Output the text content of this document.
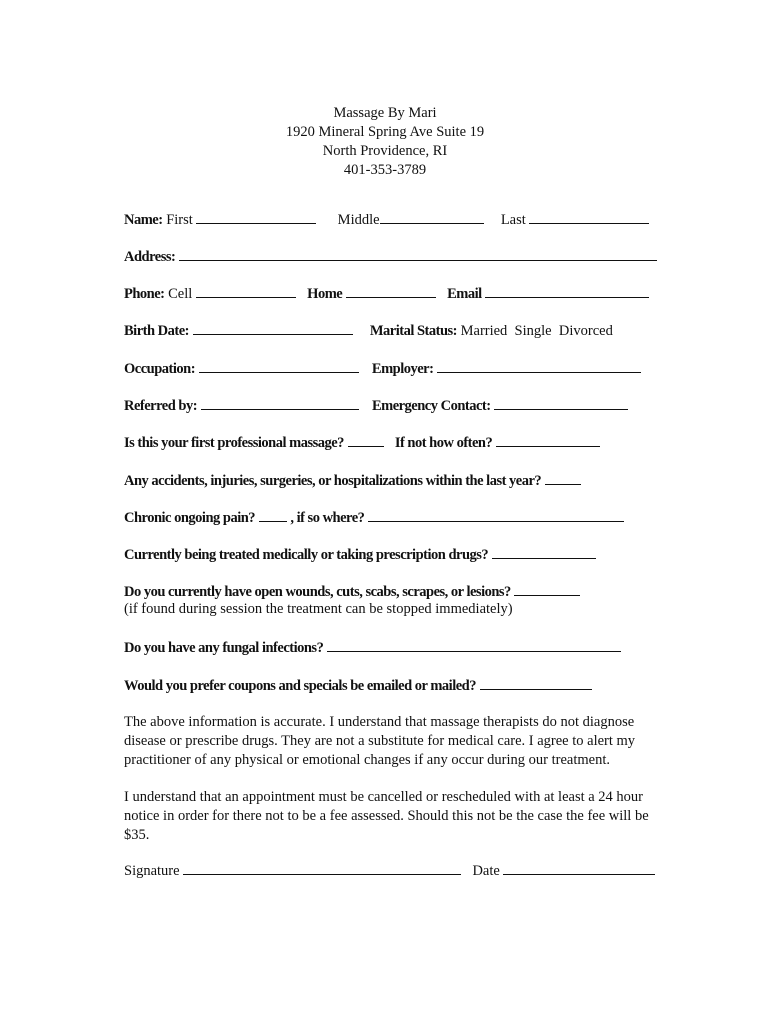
Massage By Mari
1920 Mineral Spring Ave Suite 19
North Providence, RI
401-353-3789
Name: First	Middle	Last
Address:
Phone: Cell	Home	Email
Birth Date:	Marital Status: Married  Single  Divorced
Occupation:	Employer:
Referred by:	Emergency Contact:
Is this your first professional massage?	If not how often?
Any accidents, injuries, surgeries, or hospitalizations within the last year?
Chronic ongoing pain? , if so where?
Currently being treated medically or taking prescription drugs?
Do you currently have open wounds, cuts, scabs, scrapes, or lesions?
(if found during session the treatment can be stopped immediately)
Do you have any fungal infections?
Would you prefer coupons and specials be emailed or mailed?

The above information is accurate. I understand that massage therapists do not diagnose disease or prescribe drugs. They are not a substitute for medical care. I agree to alert my practitioner of any physical or emotional changes if any occur during our treatment.

I understand that an appointment must be cancelled or rescheduled with at least a 24 hour notice in order for there not to be a fee assessed. Should this not be the case the fee will be $35.

Signature	Date
